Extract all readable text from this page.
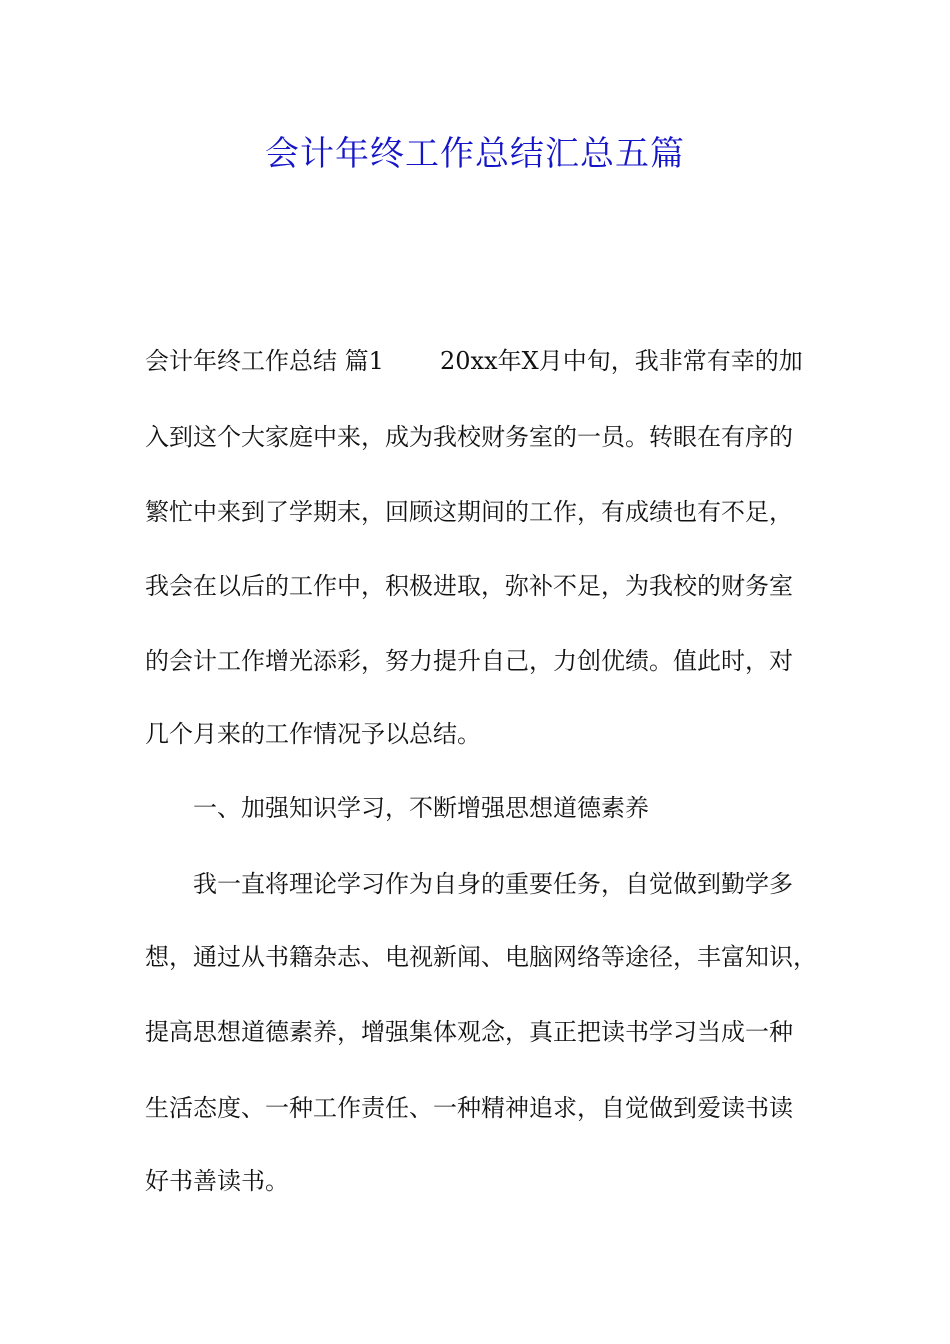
会计年终工作总结汇总五篇
会计年终工作总结 篇1 20xx年X月中旬，我非常有幸的加
入到这个大家庭中来，成为我校财务室的一员。转眼在有序的
繁忙中来到了学期末，回顾这期间的工作，有成绩也有不足，
我会在以后的工作中，积极进取，弥补不足，为我校的财务室
的会计工作增光添彩，努力提升自己，力创优绩。值此时，对
几个月来的工作情况予以总结。
一、加强知识学习，不断增强思想道德素养
我一直将理论学习作为自身的重要任务，自觉做到勤学多
想，通过从书籍杂志、电视新闻、电脑网络等途径，丰富知识，
提高思想道德素养，增强集体观念，真正把读书学习当成一种
生活态度、一种工作责任、一种精神追求，自觉做到爱读书读
好书善读书。
